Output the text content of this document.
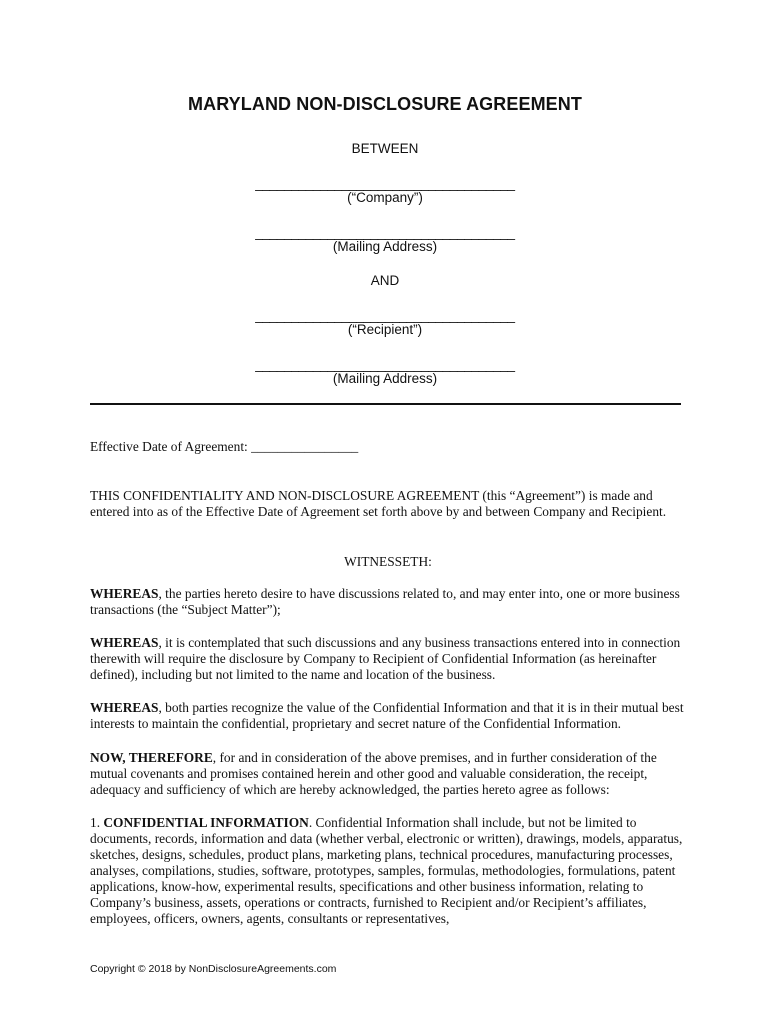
MARYLAND NON-DISCLOSURE AGREEMENT
BETWEEN
____________________________________
(“Company”)
____________________________________
(Mailing Address)
AND
____________________________________
(“Recipient”)
____________________________________
(Mailing Address)
Effective Date of Agreement: ________________
THIS CONFIDENTIALITY AND NON-DISCLOSURE AGREEMENT (this “Agreement”) is made and entered into as of the Effective Date of Agreement set forth above by and between Company and Recipient.
WITNESSETH:
WHEREAS, the parties hereto desire to have discussions related to, and may enter into, one or more business transactions (the “Subject Matter”);
WHEREAS, it is contemplated that such discussions and any business transactions entered into in connection therewith will require the disclosure by Company to Recipient of Confidential Information (as hereinafter defined), including but not limited to the name and location of the business.
WHEREAS, both parties recognize the value of the Confidential Information and that it is in their mutual best interests to maintain the confidential, proprietary and secret nature of the Confidential Information.
NOW, THEREFORE, for and in consideration of the above premises, and in further consideration of the mutual covenants and promises contained herein and other good and valuable consideration, the receipt, adequacy and sufficiency of which are hereby acknowledged, the parties hereto agree as follows:
1. CONFIDENTIAL INFORMATION. Confidential Information shall include, but not be limited to documents, records, information and data (whether verbal, electronic or written), drawings, models, apparatus, sketches, designs, schedules, product plans, marketing plans, technical procedures, manufacturing processes, analyses, compilations, studies, software, prototypes, samples, formulas, methodologies, formulations, patent applications, know-how, experimental results, specifications and other business information, relating to Company’s business, assets, operations or contracts, furnished to Recipient and/or Recipient’s affiliates, employees, officers, owners, agents, consultants or representatives,
Copyright © 2018 by NonDisclosureAgreements.com
